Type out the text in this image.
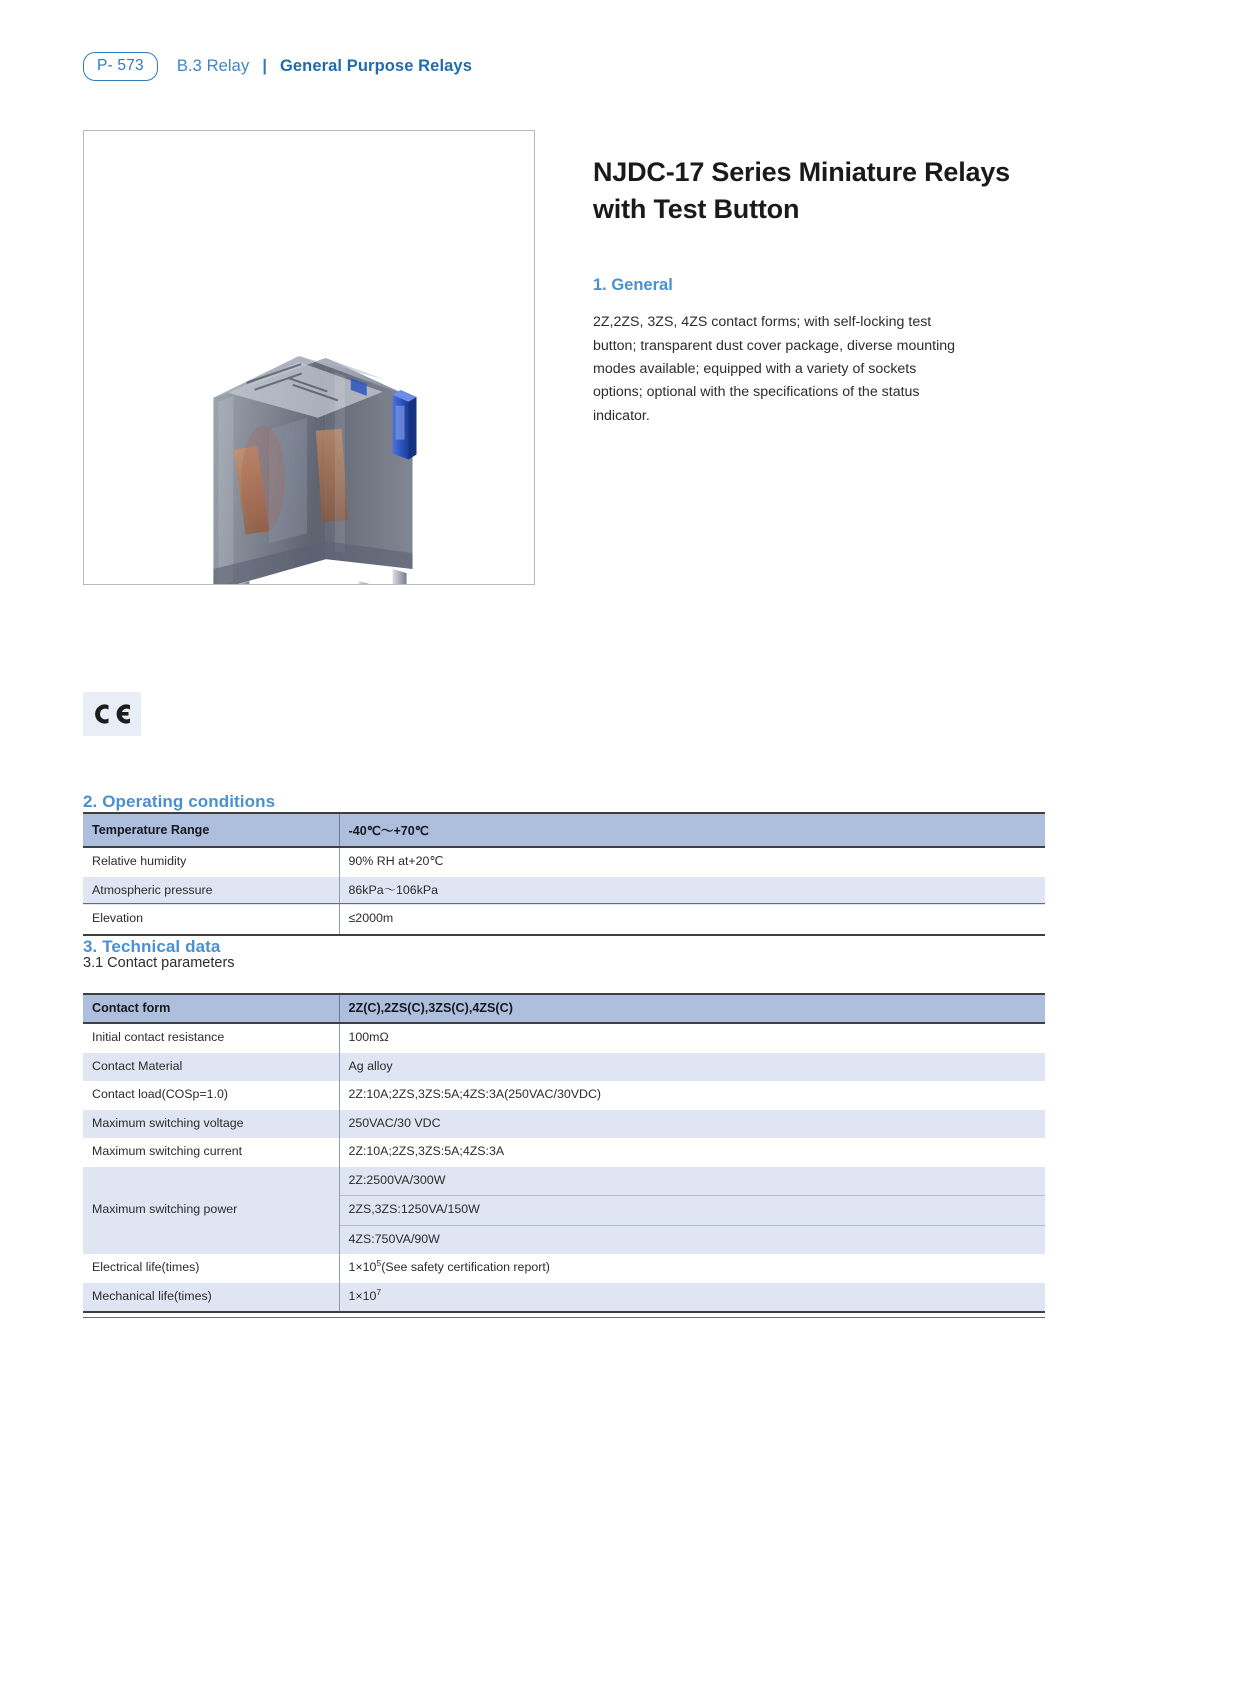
P- 573	B.3 Relay | General Purpose Relays
NJDC-17 Series Miniature Relays with Test Button
1. General

2Z,2ZS, 3ZS, 4ZS contact forms; with self-locking test button; transparent dust cover package, diverse mounting modes available; equipped with a variety of sockets options; optional with the specifications of the status indicator.

2. Operating conditions
Temperature Range	-40℃～+70℃
Relative humidity	90% RH at+20℃
Atmospheric pressure	86kPa～106kPa
Elevation	≤2000m
3. Technical data
3.1 Contact parameters
Contact form	2Z(C),2ZS(C),3ZS(C),4ZS(C)
Initial contact resistance	100mΩ
Contact Material	Ag alloy
Contact load(COSp=1.0)	2Z:10A;2ZS,3ZS:5A;4ZS:3A(250VAC/30VDC)
Maximum switching voltage	250VAC/30 VDC
Maximum switching current	2Z:10A;2ZS,3ZS:5A;4ZS:3A
Maximum switching power	2Z:2500VA/300W
	2ZS,3ZS:1250VA/150W
	4ZS:750VA/90W
Electrical life(times)	$1\times 10^5(See$ safety certification report)
Mechanical life(times)	$1\times 10^7$
